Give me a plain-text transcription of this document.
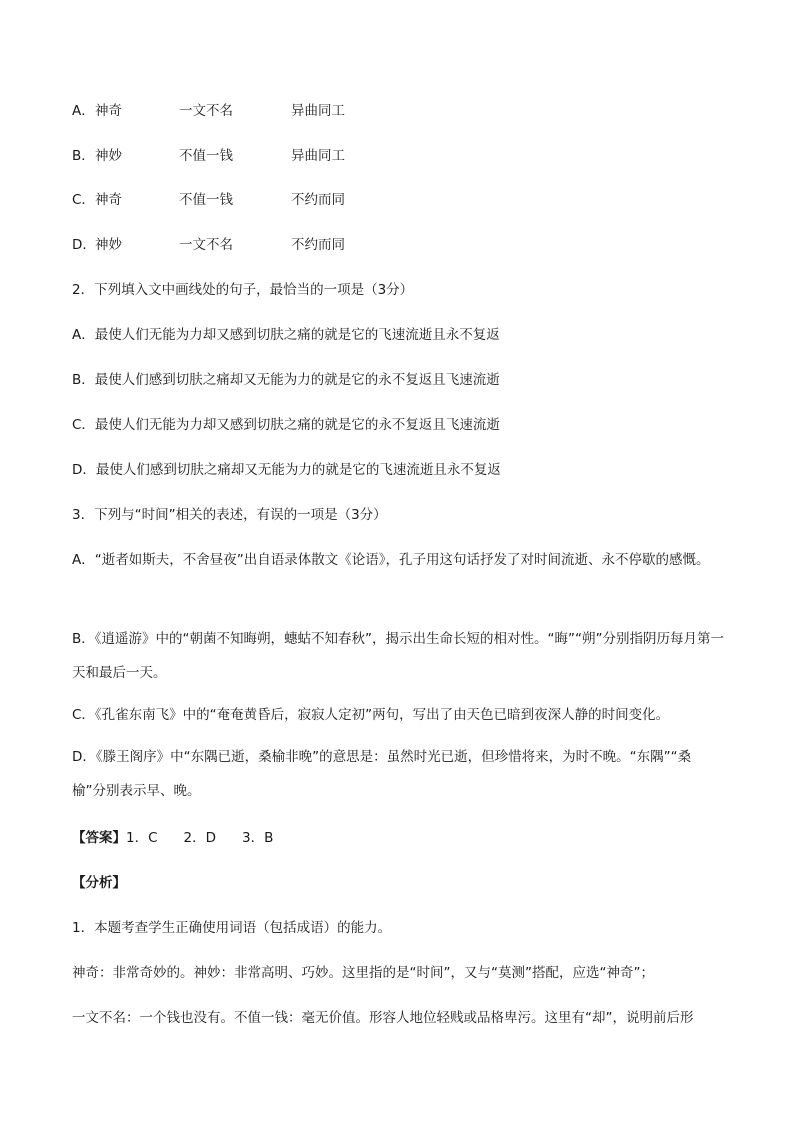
A． 神奇	一文不名	异曲同工
B． 神妙	不值一钱	异曲同工
C． 神奇	不值一钱	不约而同
D． 神妙	一文不名	不约而同
2．下列填入文中画线处的句子，最恰当的一项是（3分）
A．最使人们无能为力却又感到切肤之痛的就是它的飞速流逝且永不复返
B．最使人们感到切肤之痛却又无能为力的就是它的永不复返且飞速流逝
C．最使人们无能为力却又感到切肤之痛的就是它的永不复返且飞速流逝
D．最使人们感到切肤之痛却又无能为力的就是它的飞速流逝且永不复返
3．下列与“时间”相关的表述，有误的一项是（3分）
A．“逝者如斯夫，不舍昼夜”出自语录体散文《论语》，孔子用这句话抒发了对时间流逝、永不停歇的感慨。
B．《逍遥游》中的“朝菌不知晦朔，蟪蛄不知春秋”，揭示出生命长短的相对性。“晦”“朔”分别指阴历每月第一天和最后一天。
C．《孔雀东南飞》中的“奄奄黄昏后，寂寂人定初”两句，写出了由天色已暗到夜深人静的时间变化。
D．《滕王阁序》中“东隅已逝，桑榆非晚”的意思是：虽然时光已逝，但珍惜将来，为时不晚。“东隅”“桑榆”分别表示早、晚。
【答案】1．C 2．D 3．B
【分析】
1．本题考查学生正确使用词语（包括成语）的能力。
神奇：非常奇妙的。神妙：非常高明、巧妙。这里指的是“时间”，又与“莫测”搭配，应选“神奇”；
一文不名：一个钱也没有。不值一钱：毫无价值。形容人地位轻贱或品格卑污。这里有“却”，说明前后形
